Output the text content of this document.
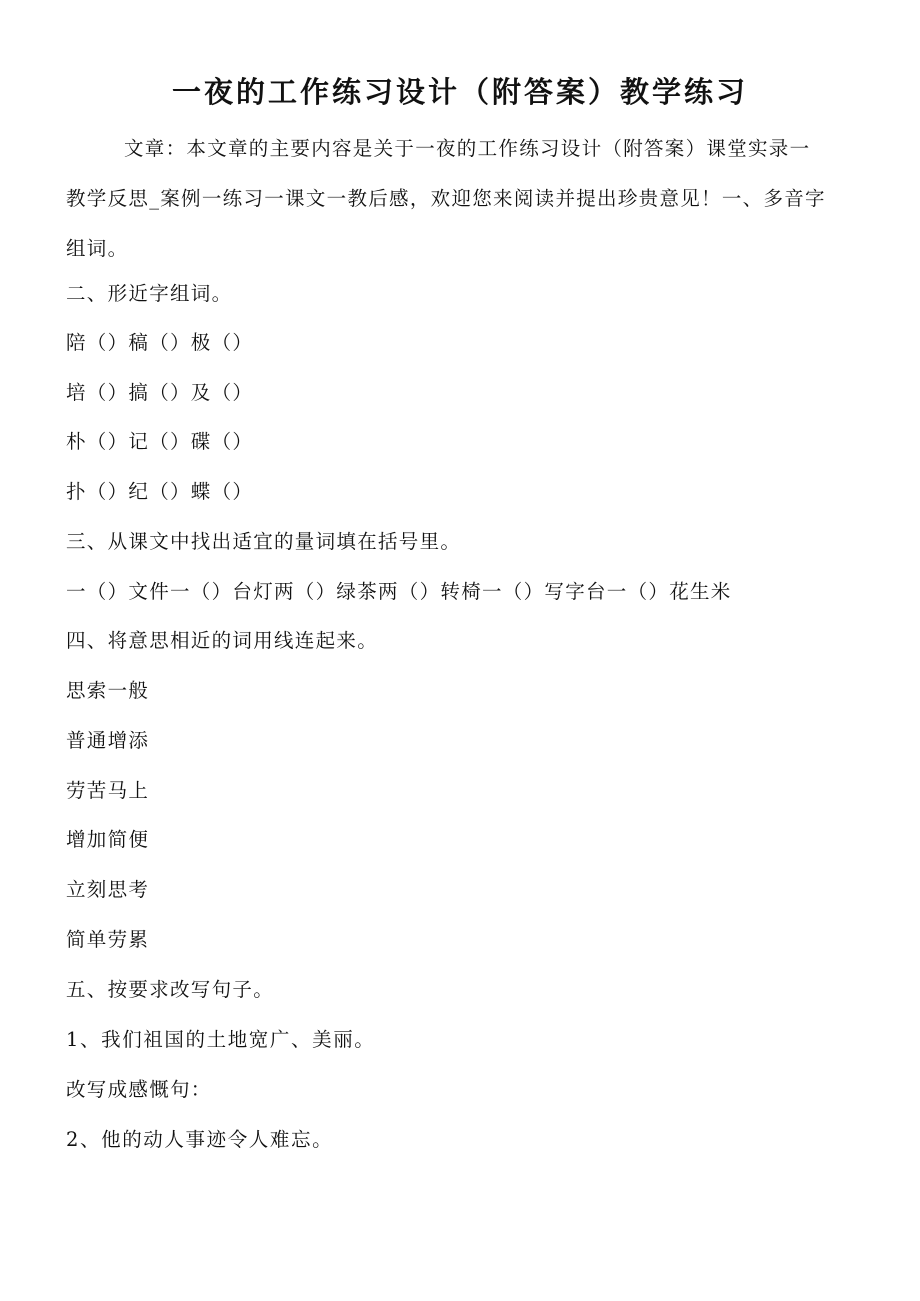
一夜的工作练习设计（附答案）教学练习
文章：本文章的主要内容是关于一夜的工作练习设计（附答案）课堂实录一
教学反思_案例一练习一课文一教后感，欢迎您来阅读并提出珍贵意见！一、多音字
组词。
二、形近字组词。
陪（）稿（）极（）
培（）搞（）及（）
朴（）记（）碟（）
扑（）纪（）蝶（）
三、从课文中找出适宜的量词填在括号里。
一（）文件一（）台灯两（）绿茶两（）转椅一（）写字台一（）花生米
四、将意思相近的词用线连起来。
思索一般
普通增添
劳苦马上
增加简便
立刻思考
简单劳累
五、按要求改写句子。
1、我们祖国的土地宽广、美丽。
改写成感慨句：
2、他的动人事迹令人难忘。
